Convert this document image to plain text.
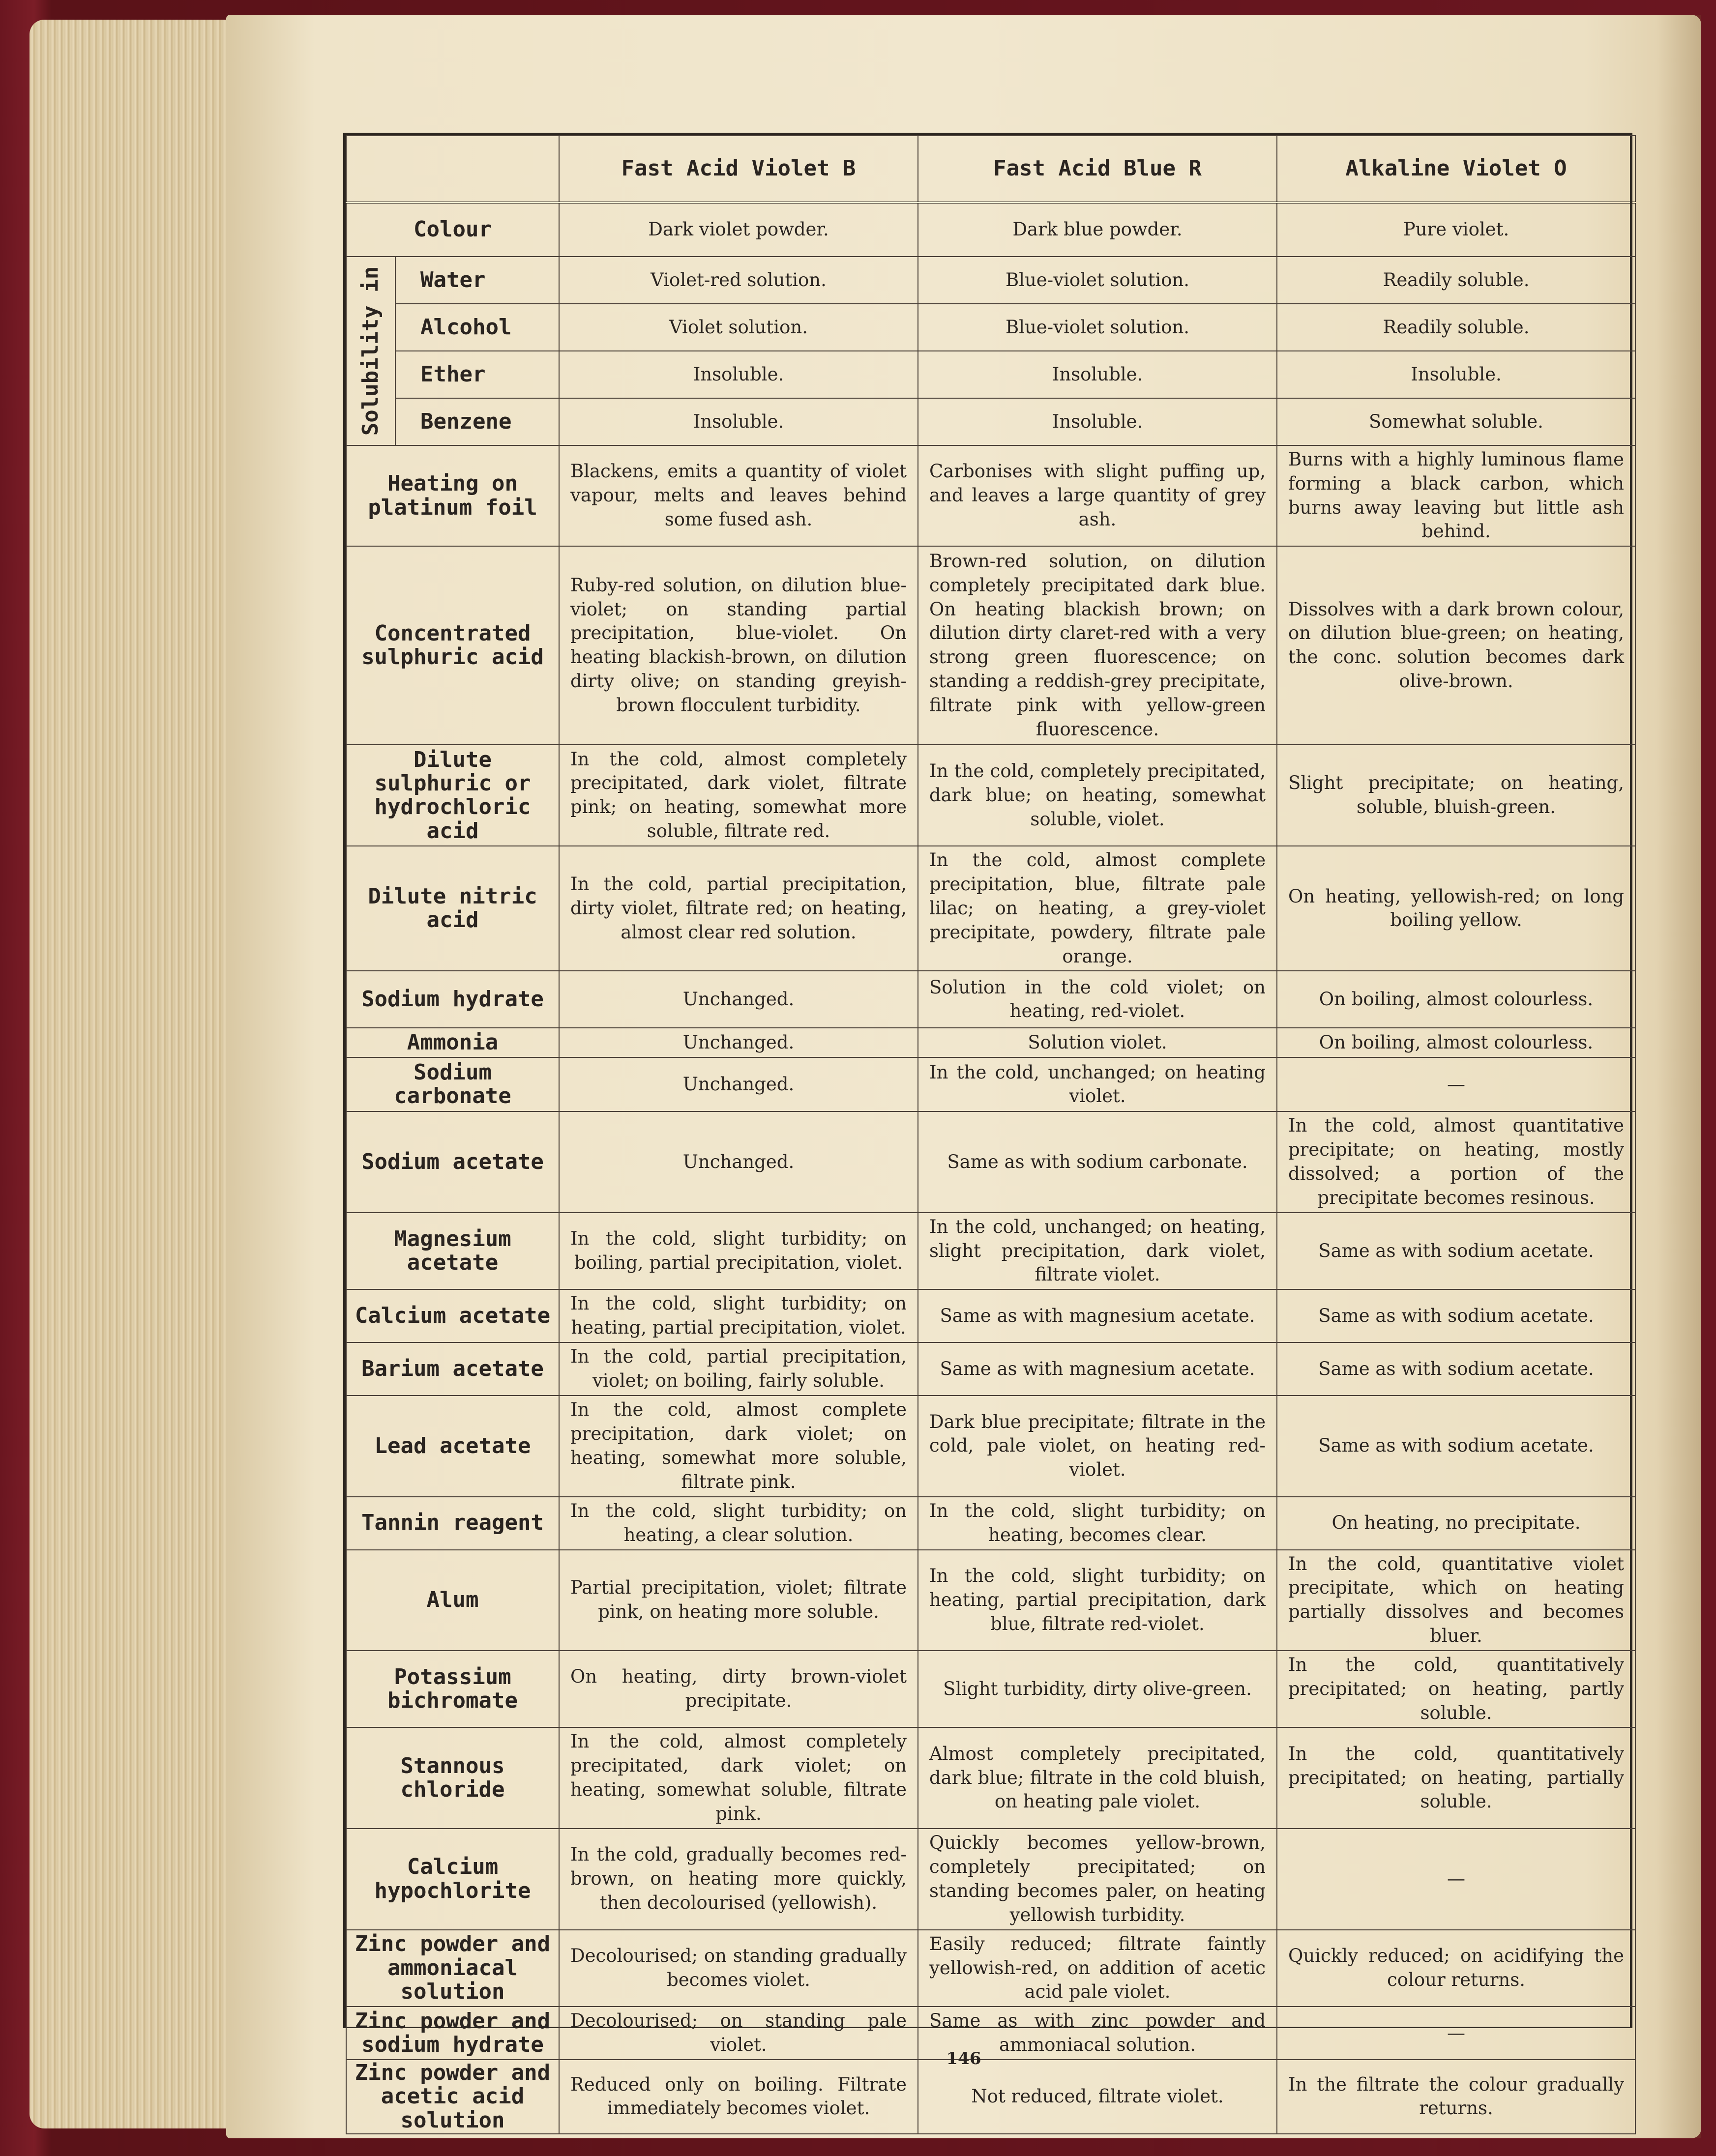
		Fast Acid Violet B	Fast Acid Blue R	Alkaline Violet O
Colour		Dark violet powder.	Dark blue powder.	Pure violet.

Solubility in	Water	Violet-red solution.	Blue-violet solution.	Readily soluble.
	Alcohol	Violet solution.	Blue-violet solution.	Readily soluble.
	Ether	Insoluble.	Insoluble.	Insoluble.
	Benzene	Insoluble.	Insoluble.	Somewhat soluble.
Heating on platinum foil		Blackens, emits a quantity of violet vapour, melts and leaves behind some fused ash.	Carbonises with slight puffing up, and leaves a large quantity of grey ash.	Burns with a highly luminous flame forming a black carbon, which burns away leaving but little ash behind.
Concentrated sulphuric acid		Ruby-red solution, on dilution blue-violet; on standing partial precipitation, blue-violet. On heating blackish-brown, on dilution dirty olive; on standing greyish-brown flocculent turbidity.	Brown-red solution, on dilution completely precipitated dark blue. On heating blackish brown; on dilution dirty claret-red with a very strong green fluorescence; on standing a reddish-grey precipitate, filtrate pink with yellow-green fluorescence.	Dissolves with a dark brown colour, on dilution blue-green; on heating, the conc. solution becomes dark olive-brown.
Dilute sulphuric or hydrochloric acid		In the cold, almost completely precipitated, dark violet, filtrate pink; on heating, somewhat more soluble, filtrate red.	In the cold, completely precipitated, dark blue; on heating, somewhat soluble, violet.	Slight precipitate; on heating, soluble, bluish-green.
Dilute nitric acid		In the cold, partial precipitation, dirty violet, filtrate red; on heating, almost clear red solution.	In the cold, almost complete precipitation, blue, filtrate pale lilac; on heating, a grey-violet precipitate, powdery, filtrate pale orange.	On heating, yellowish-red; on long boiling yellow.
Sodium hydrate		Unchanged.	Solution in the cold violet; on heating, red-violet.	On boiling, almost colourless.
Ammonia		Unchanged.	Solution violet.	On boiling, almost colourless.
Sodium carbonate		Unchanged.	In the cold, unchanged; on heating violet.	—
Sodium acetate		Unchanged.	Same as with sodium carbonate.	In the cold, almost quantitative precipitate; on heating, mostly dissolved; a portion of the precipitate becomes resinous.
Magnesium acetate		In the cold, slight turbidity; on boiling, partial precipitation, violet.	In the cold, unchanged; on heating, slight precipitation, dark violet, filtrate violet.	Same as with sodium acetate.
Calcium acetate		In the cold, slight turbidity; on heating, partial precipitation, violet.	Same as with magnesium acetate.	Same as with sodium acetate.
Barium acetate		In the cold, partial precipitation, violet; on boiling, fairly soluble.	Same as with magnesium acetate.	Same as with sodium acetate.
Lead acetate		In the cold, almost complete precipitation, dark violet; on heating, somewhat more soluble, filtrate pink.	Dark blue precipitate; filtrate in the cold, pale violet, on heating red-violet.	Same as with sodium acetate.
Tannin reagent		In the cold, slight turbidity; on heating, a clear solution.	In the cold, slight turbidity; on heating, becomes clear.	On heating, no precipitate.
Alum		Partial precipitation, violet; filtrate pink, on heating more soluble.	In the cold, slight turbidity; on heating, partial precipitation, dark blue, filtrate red-violet.	In the cold, quantitative violet precipitate, which on heating partially dissolves and becomes bluer.
Potassium bichromate		On heating, dirty brown-violet precipitate.	Slight turbidity, dirty olive-green.	In the cold, quantitatively precipitated; on heating, partly soluble.
Stannous chloride		In the cold, almost completely precipitated, dark violet; on heating, somewhat soluble, filtrate pink.	Almost completely precipitated, dark blue; filtrate in the cold bluish, on heating pale violet.	In the cold, quantitatively precipitated; on heating, partially soluble.
Calcium hypochlorite		In the cold, gradually becomes red-brown, on heating more quickly, then decolourised (yellowish).	Quickly becomes yellow-brown, completely precipitated; on standing becomes paler, on heating yellowish turbidity.	—
Zinc powder and ammoniacal solution		Decolourised; on standing gradually becomes violet.	Easily reduced; filtrate faintly yellowish-red, on addition of acetic acid pale violet.	Quickly reduced; on acidifying the colour returns.
Zinc powder and sodium hydrate		Decolourised; on standing pale violet.	Same as with zinc powder and ammoniacal solution.	—
Zinc powder and acetic acid solution		Reduced only on boiling. Filtrate immediately becomes violet.	Not reduced, filtrate violet.	In the filtrate the colour gradually returns.
146
